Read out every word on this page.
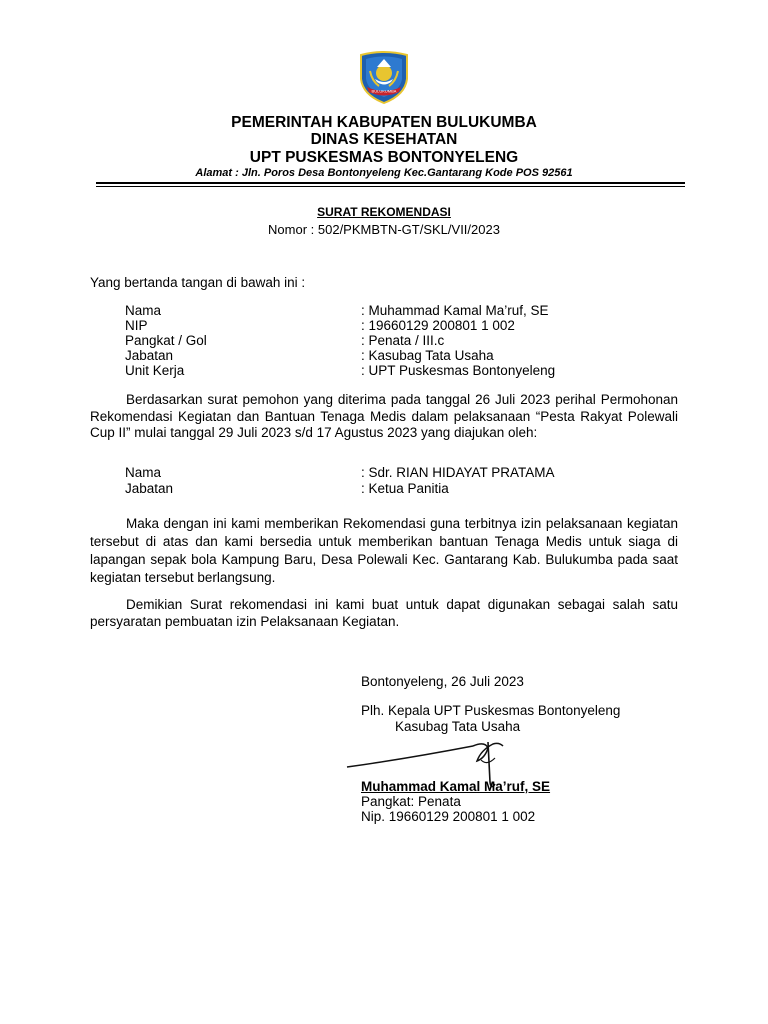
BULUKUMBA
PEMERINTAH KABUPATEN BULUKUMBA
DINAS KESEHATAN
UPT PUSKESMAS BONTONYELENG
Alamat : Jln. Poros Desa Bontonyeleng Kec.Gantarang Kode POS 92561
SURAT REKOMENDASI
Nomor : 502/PKMBTN-GT/SKL/VII/2023
Yang bertanda tangan di bawah ini :
Nama	: Muhammad Kamal Ma’ruf, SE
NIP	: 19660129 200801 1 002
Pangkat / Gol	: Penata / III.c
Jabatan	: Kasubag Tata Usaha
Unit Kerja	: UPT Puskesmas Bontonyeleng
Berdasarkan surat pemohon yang diterima pada tanggal 26 Juli 2023 perihal Permohonan Rekomendasi Kegiatan dan Bantuan Tenaga Medis dalam pelaksanaan “Pesta Rakyat Polewali Cup II” mulai tanggal 29 Juli 2023 s/d 17 Agustus 2023 yang diajukan oleh:
Nama	: Sdr. RIAN HIDAYAT PRATAMA
Jabatan	: Ketua Panitia
Maka dengan ini kami memberikan Rekomendasi guna terbitnya izin pelaksanaan kegiatan tersebut di atas dan kami bersedia untuk memberikan bantuan Tenaga Medis untuk siaga di lapangan sepak bola Kampung Baru, Desa Polewali Kec. Gantarang Kab. Bulukumba pada saat kegiatan tersebut berlangsung.
Demikian Surat rekomendasi ini kami buat untuk dapat digunakan sebagai salah satu persyaratan pembuatan izin Pelaksanaan Kegiatan.
Bontonyeleng, 26 Juli 2023
Plh. Kepala UPT Puskesmas Bontonyeleng
Kasubag Tata Usaha
Muhammad Kamal Ma’ruf, SE
Pangkat: Penata
Nip. 19660129 200801 1 002
